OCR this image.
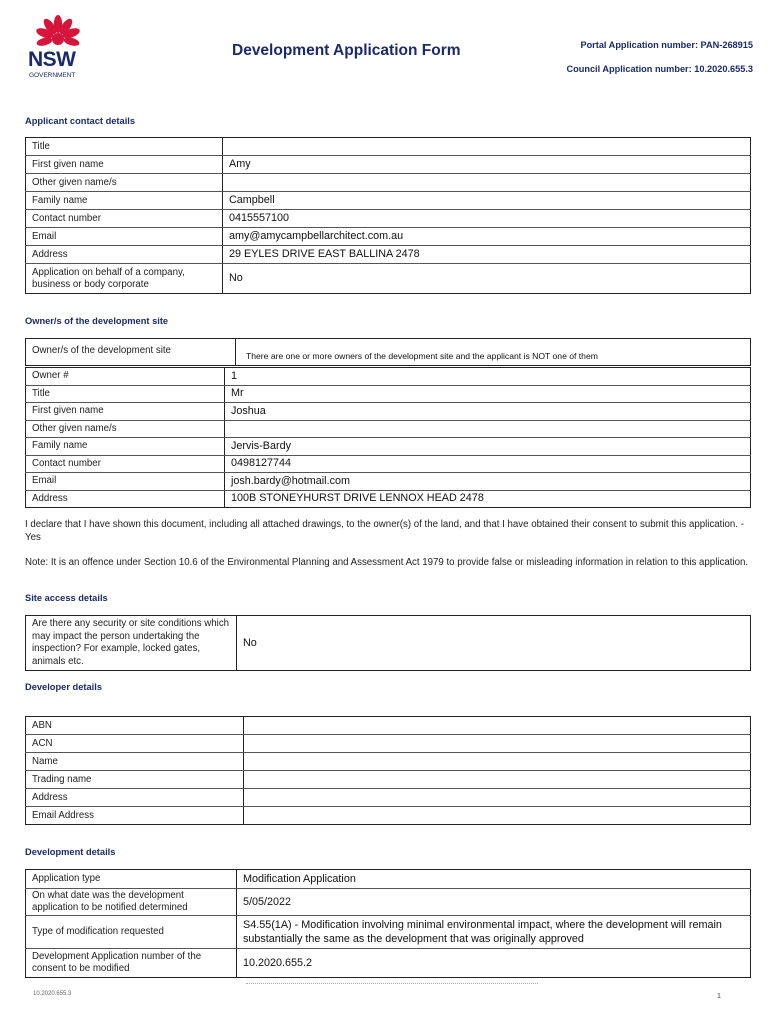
NSW
GOVERNMENT
Development Application Form	Portal Application number: PAN-268915
Council Application number: 10.2020.655.3
Applicant contact details
Title	
First given name	Amy
Other given name/s	
Family name	Campbell
Contact number	0415557100
Email	amy@amycampbellarchitect.com.au
Address	29 EYLES DRIVE EAST BALLINA 2478
Application on behalf of a company, business or body corporate	No
Owner/s of the development site
Owner/s of the development site	There are one or more owners of the development site and the applicant is NOT one of them
Owner #	1
Title	Mr
First given name	Joshua
Other given name/s	
Family name	Jervis-Bardy
Contact number	0498127744
Email	josh.bardy@hotmail.com
Address	100B STONEYHURST DRIVE LENNOX HEAD 2478
I declare that I have shown this document, including all attached drawings, to the owner(s) of the land, and that I have obtained their consent to submit this application. - Yes
Note: It is an offence under Section 10.6 of the Environmental Planning and Assessment Act 1979 to provide false or misleading information in relation to this application.
Site access details
Are there any security or site conditions which may impact the person undertaking the inspection? For example, locked gates, animals etc.	No
Developer details
ABN	
ACN	
Name	
Trading name	
Address	
Email Address	
Development details
Application type	Modification Application
On what date was the development application to be notified determined	5/05/2022
Type of modification requested	S4.55(1A) - Modification involving minimal environmental impact, where the development will remain substantially the same as the development that was originally approved
Development Application number of the consent to be modified	10.2020.655.2
10.2020.655.3	1
